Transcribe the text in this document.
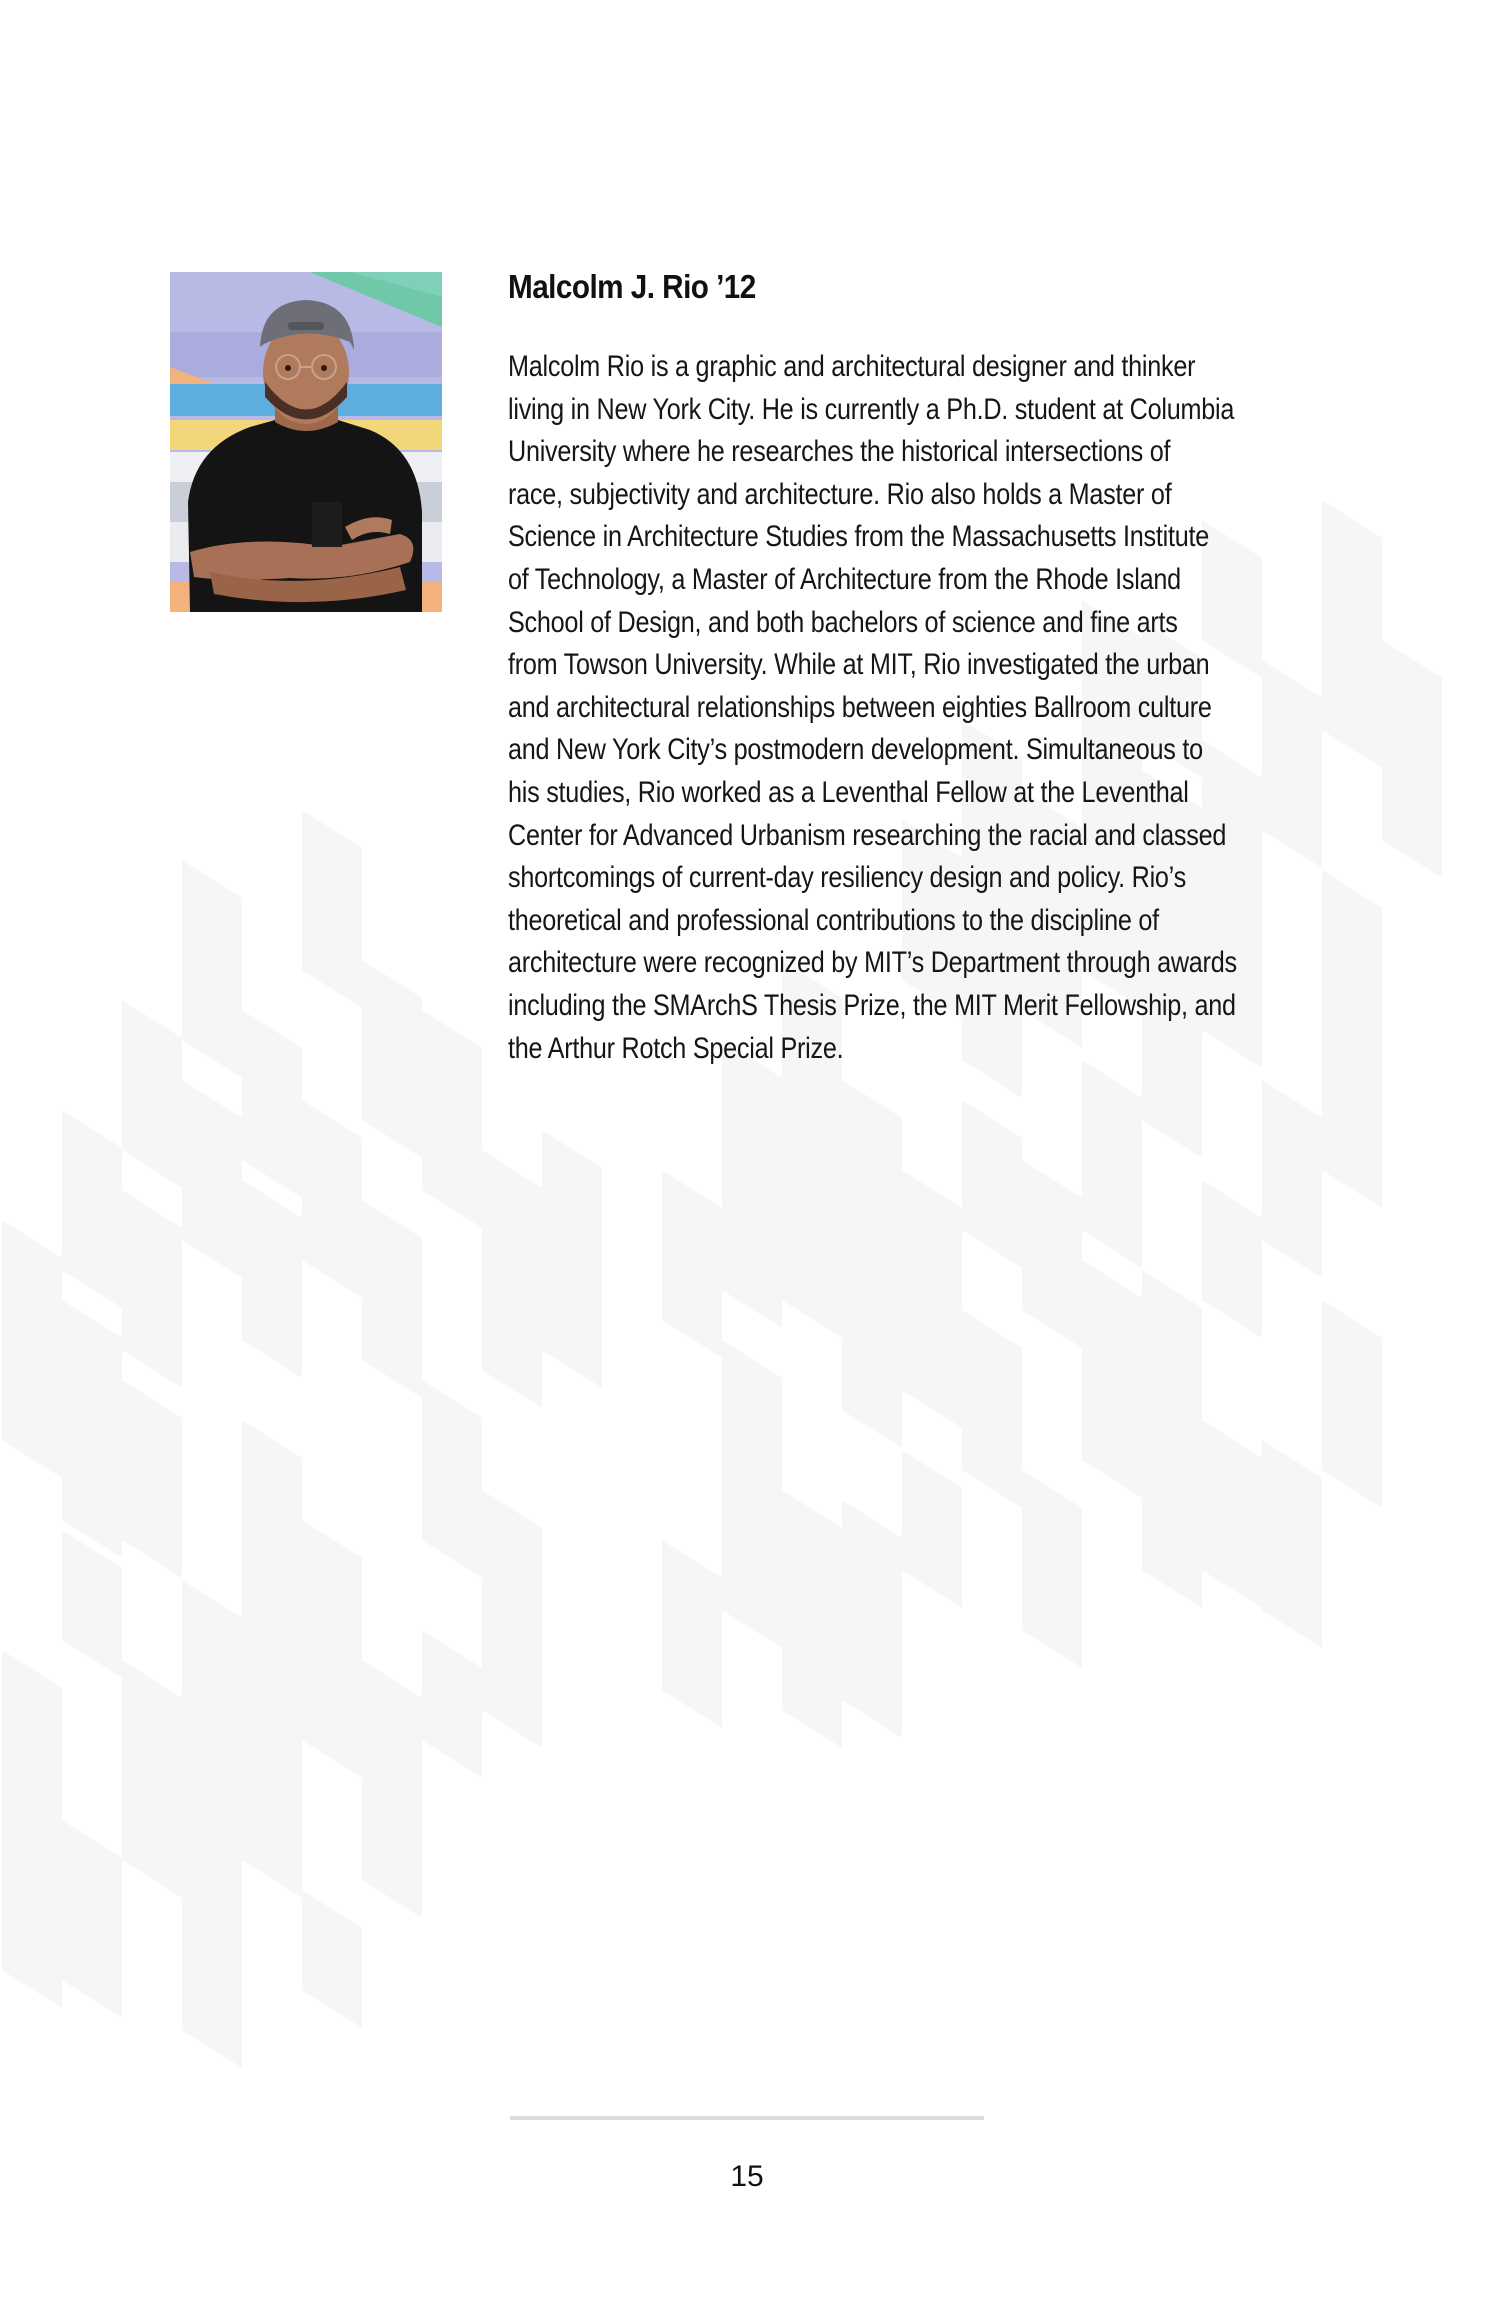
Malcolm J. Rio ’12
Malcolm Rio is a graphic and architectural designer and thinker
living in New York City. He is currently a Ph.D. student at Columbia
University where he researches the historical intersections of
race, subjectivity and architecture. Rio also holds a Master of
Science in Architecture Studies from the Massachusetts Institute
of Technology, a Master of Architecture from the Rhode Island
School of Design, and both bachelors of science and fine arts
from Towson University. While at MIT, Rio investigated the urban
and architectural relationships between eighties Ballroom culture
and New York City’s postmodern development. Simultaneous to
his studies, Rio worked as a Leventhal Fellow at the Leventhal
Center for Advanced Urbanism researching the racial and classed
shortcomings of current-day resiliency design and policy. Rio’s
theoretical and professional contributions to the discipline of
architecture were recognized by MIT’s Department through awards
including the SMArchS Thesis Prize, the MIT Merit Fellowship, and
the Arthur Rotch Special Prize.
15
